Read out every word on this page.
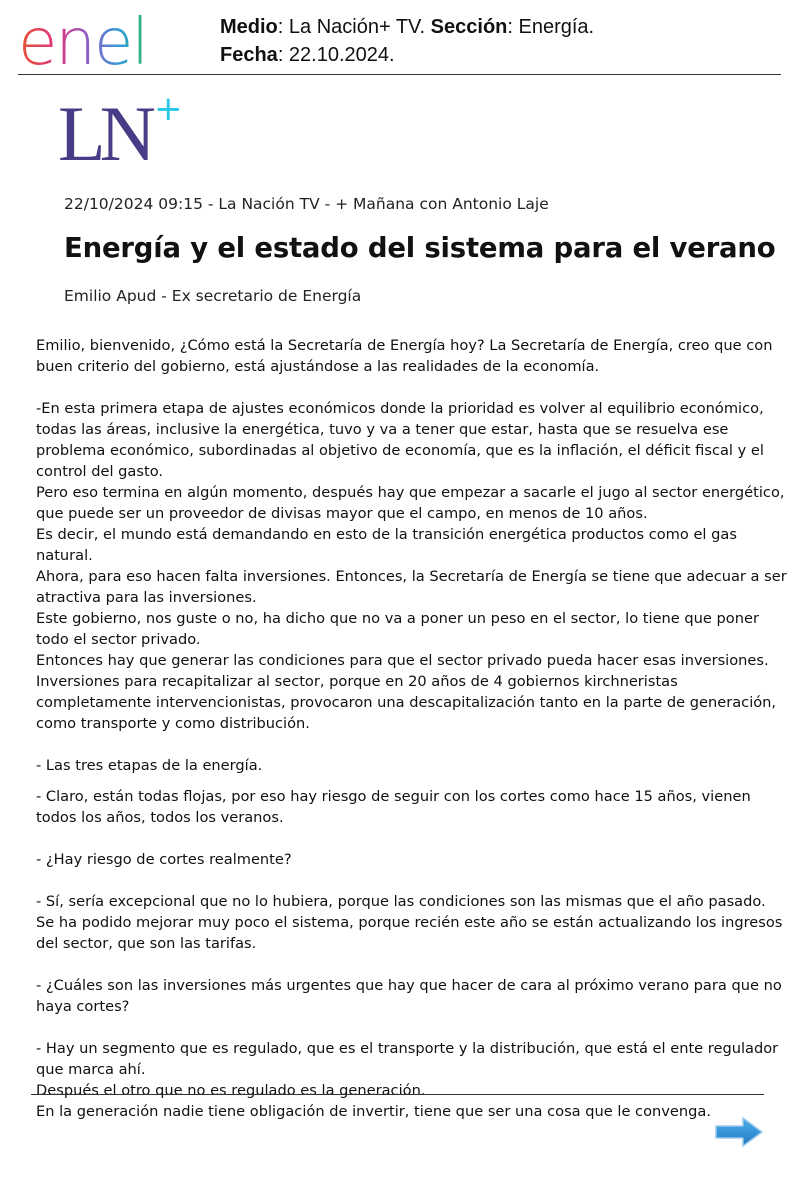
enel	Medio: La Nación+ TV. Sección: Energía.
Fecha: 22.10.2024.
LN +
22/10/2024 09:15 - La Nación TV - + Mañana con Antonio Laje
Energía y el estado del sistema para el verano
Emilio Apud - Ex secretario de Energía

Emilio, bienvenido, ¿Cómo está la Secretaría de Energía hoy? La Secretaría de Energía, creo que con buen criterio del gobierno, está ajustándose a las realidades de la economía.

-En esta primera etapa de ajustes económicos donde la prioridad es volver al equilibrio económico, todas las áreas, inclusive la energética, tuvo y va a tener que estar, hasta que se resuelva ese problema económico, subordinadas al objetivo de economía, que es la inflación, el déficit fiscal y el control del gasto.

Pero eso termina en algún momento, después hay que empezar a sacarle el jugo al sector energético, que puede ser un proveedor de divisas mayor que el campo, en menos de 10 años.

Es decir, el mundo está demandando en esto de la transición energética productos como el gas natural.

Ahora, para eso hacen falta inversiones. Entonces, la Secretaría de Energía se tiene que adecuar a ser atractiva para las inversiones.

Este gobierno, nos guste o no, ha dicho que no va a poner un peso en el sector, lo tiene que poner todo el sector privado.

Entonces hay que generar las condiciones para que el sector privado pueda hacer esas inversiones.

Inversiones para recapitalizar al sector, porque en 20 años de 4 gobiernos kirchneristas completamente intervencionistas, provocaron una descapitalización tanto en la parte de generación, como transporte y como distribución.

- Las tres etapas de la energía.

- Claro, están todas flojas, por eso hay riesgo de seguir con los cortes como hace 15 años, vienen todos los años, todos los veranos.

- ¿Hay riesgo de cortes realmente?

- Sí, sería excepcional que no lo hubiera, porque las condiciones son las mismas que el año pasado.

Se ha podido mejorar muy poco el sistema, porque recién este año se están actualizando los ingresos del sector, que son las tarifas.

- ¿Cuáles son las inversiones más urgentes que hay que hacer de cara al próximo verano para que no haya cortes?

- Hay un segmento que es regulado, que es el transporte y la distribución, que está el ente regulador que marca ahí.

Después el otro que no es regulado es la generación.

En la generación nadie tiene obligación de invertir, tiene que ser una cosa que le convenga.
